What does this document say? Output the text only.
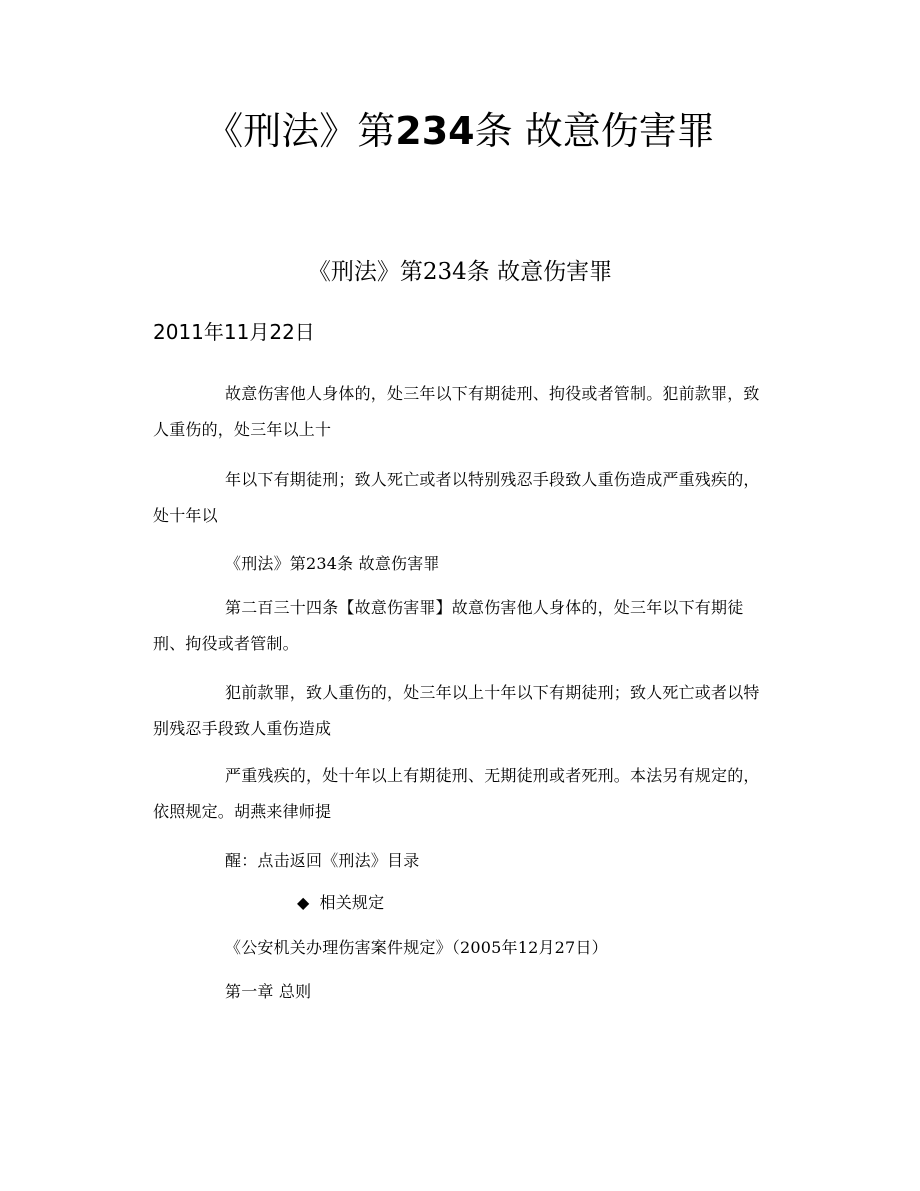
《刑法》第234条 故意伤害罪
《刑法》第234条 故意伤害罪
2011年11月22日

故意伤害他人身体的，处三年以下有期徒刑、拘役或者管制。犯前款罪，致人重伤的，处三年以上十

年以下有期徒刑；致人死亡或者以特别残忍手段致人重伤造成严重残疾的，处十年以

《刑法》第234条 故意伤害罪

第二百三十四条【故意伤害罪】故意伤害他人身体的，处三年以下有期徒刑、拘役或者管制。

犯前款罪，致人重伤的，处三年以上十年以下有期徒刑；致人死亡或者以特别残忍手段致人重伤造成

严重残疾的，处十年以上有期徒刑、无期徒刑或者死刑。本法另有规定的，依照规定。胡燕来律师提

醒：点击返回《刑法》目录

◆ 相关规定

《公安机关办理伤害案件规定》（2005年12月27日）

第一章 总则
